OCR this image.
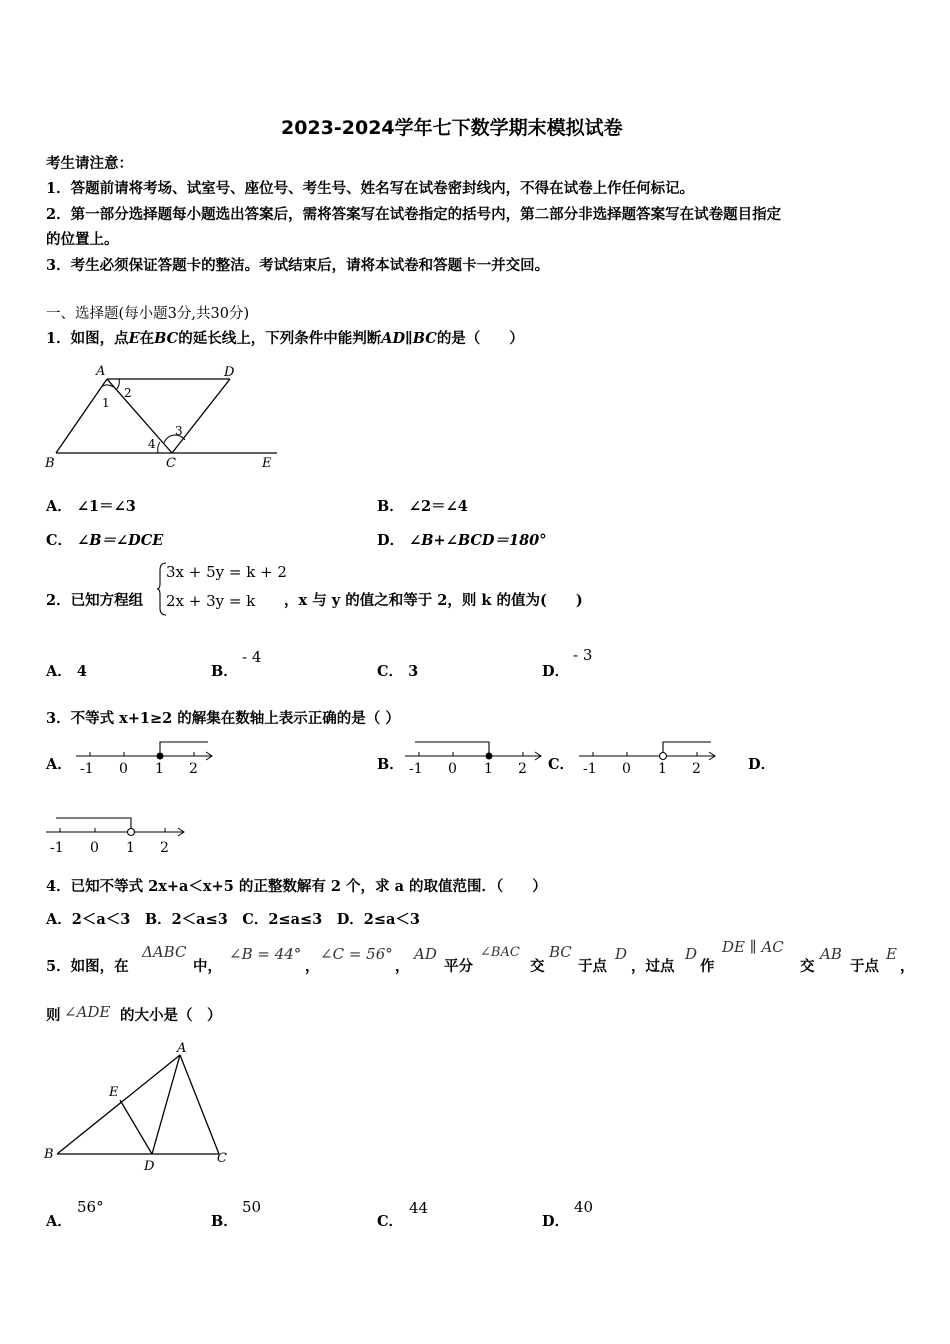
2023-2024学年七下数学期末模拟试卷
考生请注意：
1．答题前请将考场、试室号、座位号、考生号、姓名写在试卷密封线内，不得在试卷上作任何标记。
2．第一部分选择题每小题选出答案后，需将答案写在试卷指定的括号内，第二部分非选择题答案写在试卷题目指定
的位置上。
3．考生必须保证答题卡的整洁。考试结束后，请将本试卷和答题卡一并交回。
一、选择题(每小题3分,共30分)
1．如图，点E在BC的延长线上，下列条件中能判断AD∥BC的是（　　）
A	D
B	C	E
1
2
3
4
A． ∠1＝∠3	B． ∠2＝∠4
C． ∠B＝∠DCE	D． ∠B+∠BCD＝180°
2．已知方程组
3x + 5y = k + 2
2x + 3y = k ，x 与 y 的值之和等于 2，则 k 的值为(　　)
A． 4	B．
- 4
C． 3	D．
- 3
3．不等式 x+1≥2 的解集在数轴上表示正确的是（ ）
A． -1 0 1 2	B． -1 0 1 2 C． -1 0 1 2	D．
-1 0 1 2
4．已知不等式 2x+a＜x+5 的正整数解有 2 个，求 a 的取值范围．（　　）
A．2＜a＜3　B．2＜a≤3　C．2≤a≤3　D．2≤a＜3
5．如图，在
ΔABC
中，
∠B = 44°
，
∠C = 56°
，
AD
平分
∠BAC
交
BC
于点
D
，过点
D
作
DE ∥ AC
交
AB
于点
E
，
则 ∠ADE 的大小是（　）
A
B	C
D
E
A．
56°
B．
50
C．
44
D．
40
